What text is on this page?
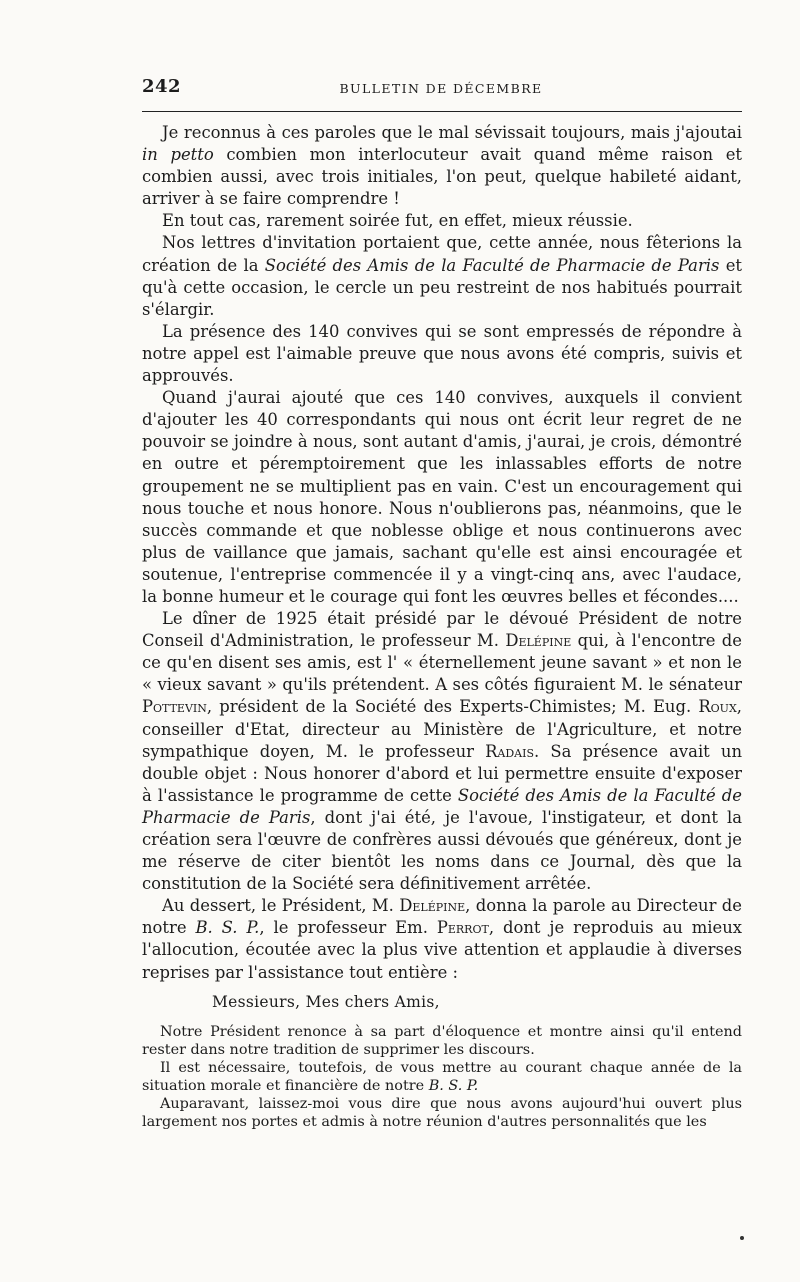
242	BULLETIN DE DÉCEMBRE

Je reconnus à ces paroles que le mal sévissait toujours, mais j'ajoutai in petto combien mon interlocuteur avait quand même raison et combien aussi, avec trois initiales, l'on peut, quelque habileté aidant, arriver à se faire comprendre !

En tout cas, rarement soirée fut, en effet, mieux réussie.

Nos lettres d'invitation portaient que, cette année, nous fêterions la création de la Société des Amis de la Faculté de Pharmacie de Paris et qu'à cette occasion, le cercle un peu restreint de nos habitués pourrait s'élargir.

La présence des 140 convives qui se sont empressés de répondre à notre appel est l'aimable preuve que nous avons été compris, suivis et approuvés.

Quand j'aurai ajouté que ces 140 convives, auxquels il convient d'ajouter les 40 correspondants qui nous ont écrit leur regret de ne pouvoir se joindre à nous, sont autant d'amis, j'aurai, je crois, démontré en outre et péremptoirement que les inlassables efforts de notre groupement ne se multiplient pas en vain. C'est un encouragement qui nous touche et nous honore. Nous n'oublierons pas, néanmoins, que le succès commande et que noblesse oblige et nous continuerons avec plus de vaillance que jamais, sachant qu'elle est ainsi encouragée et soutenue, l'entreprise commencée il y a vingt-cinq ans, avec l'audace, la bonne humeur et le courage qui font les œuvres belles et fécondes....

Le dîner de 1925 était présidé par le dévoué Président de notre Conseil d'Administration, le professeur M. Delépine qui, à l'encontre de ce qu'en disent ses amis, est l' « éternellement jeune savant » et non le « vieux savant » qu'ils prétendent. A ses côtés figuraient M. le sénateur Pottevin, président de la Société des Experts-Chimistes; M. Eug. Roux, conseiller d'Etat, directeur au Ministère de l'Agriculture, et notre sympathique doyen, M. le professeur Radais. Sa présence avait un double objet : Nous honorer d'abord et lui permettre ensuite d'exposer à l'assistance le programme de cette Société des Amis de la Faculté de Pharmacie de Paris, dont j'ai été, je l'avoue, l'instigateur, et dont la création sera l'œuvre de confrères aussi dévoués que généreux, dont je me réserve de citer bientôt les noms dans ce Journal, dès que la constitution de la Société sera définitivement arrêtée.

Au dessert, le Président, M. Delépine, donna la parole au Directeur de notre B. S. P., le professeur Em. Perrot, dont je reproduis au mieux l'allocution, écoutée avec la plus vive attention et applaudie à diverses reprises par l'assistance tout entière :

Messieurs, Mes chers Amis,

Notre Président renonce à sa part d'éloquence et montre ainsi qu'il entend rester dans notre tradition de supprimer les discours.

Il est nécessaire, toutefois, de vous mettre au courant chaque année de la situation morale et financière de notre B. S. P.

Auparavant, laissez-moi vous dire que nous avons aujourd'hui ouvert plus largement nos portes et admis à notre réunion d'autres personnalités que les
